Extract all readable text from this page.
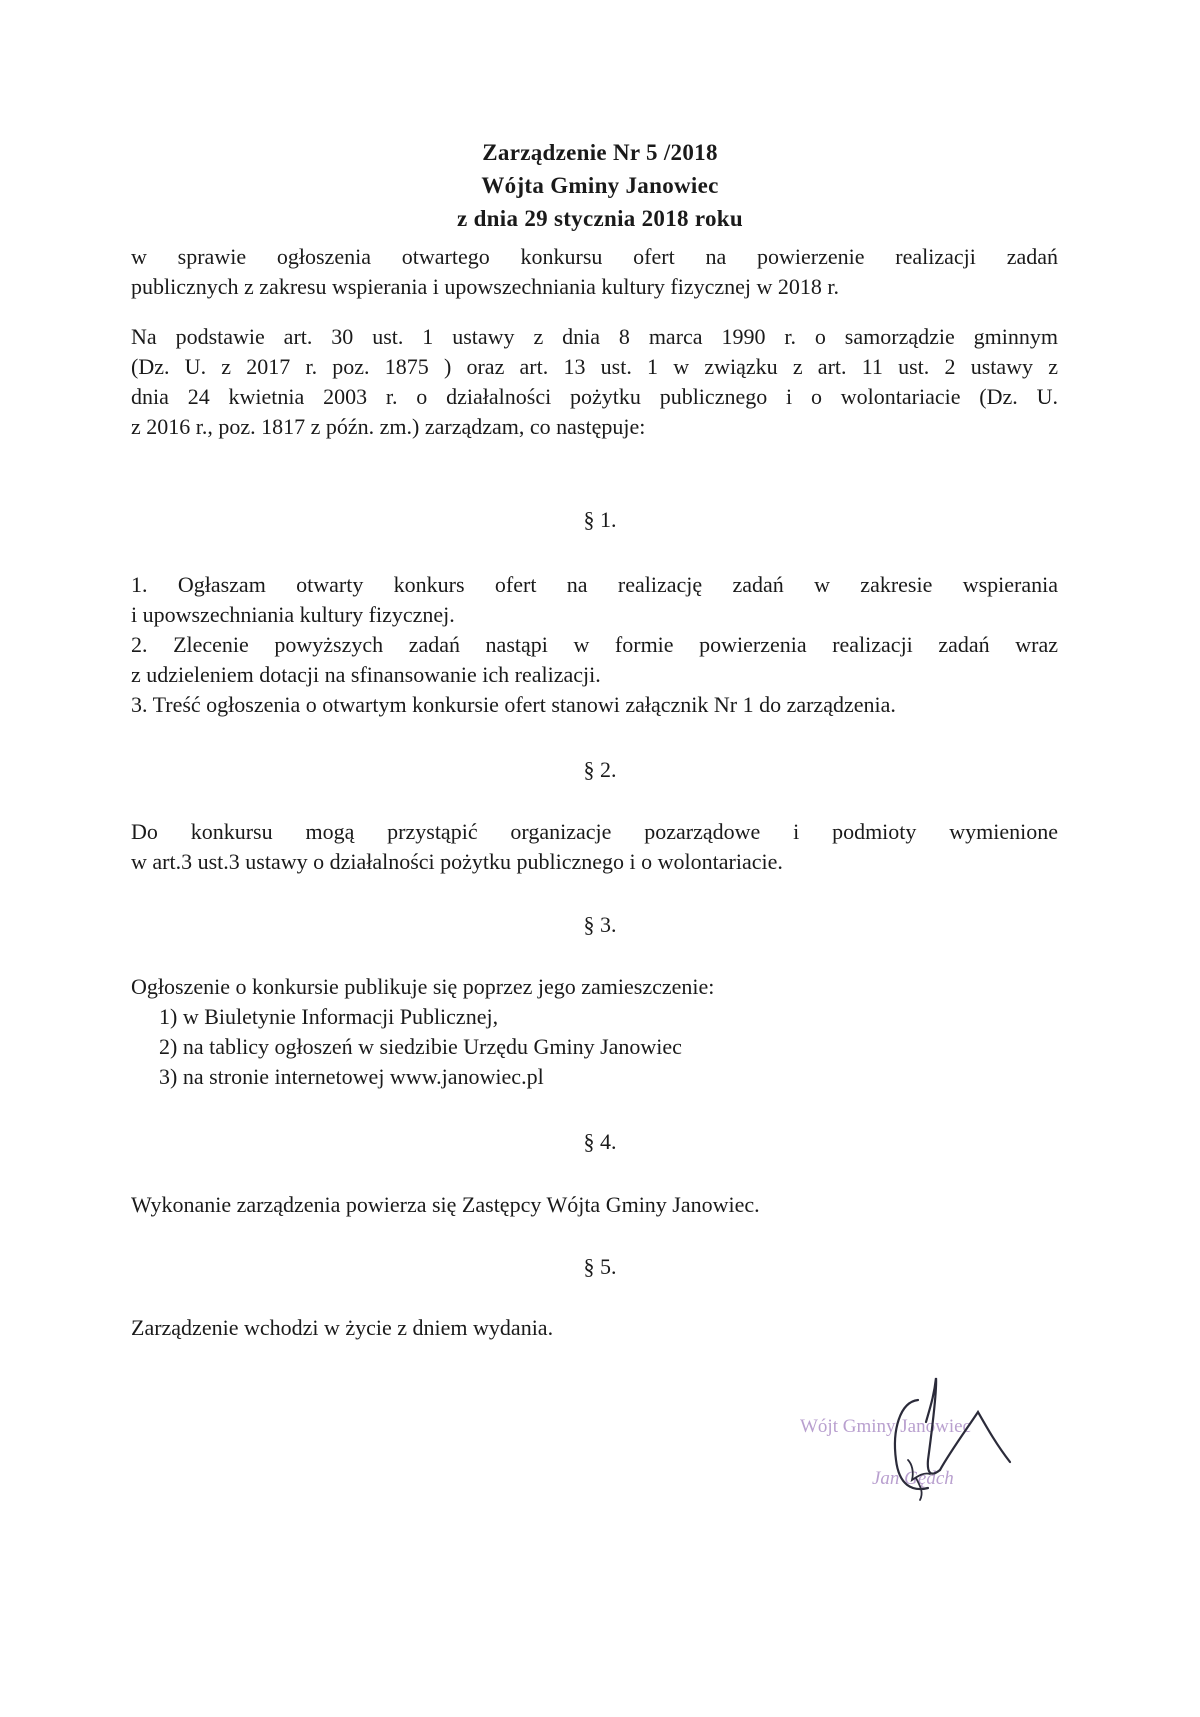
Zarządzenie Nr 5 /2018
Wójta Gminy Janowiec
z dnia 29 stycznia 2018 roku
w sprawie ogłoszenia otwartego konkursu ofert na powierzenie realizacji zadań
publicznych z zakresu wspierania i upowszechniania kultury fizycznej w 2018 r.
Na podstawie art. 30 ust. 1 ustawy z dnia 8 marca 1990 r. o samorządzie gminnym
(Dz. U. z 2017 r. poz. 1875 ) oraz art. 13 ust. 1 w związku z art. 11 ust. 2 ustawy z
dnia 24 kwietnia 2003 r. o działalności pożytku publicznego i o wolontariacie (Dz. U.
z 2016 r., poz. 1817 z późn. zm.) zarządzam, co następuje:
§ 1.
1. Ogłaszam otwarty konkurs ofert na realizację zadań w zakresie wspierania
i upowszechniania kultury fizycznej.
2. Zlecenie powyższych zadań nastąpi w formie powierzenia realizacji zadań wraz
z udzieleniem dotacji na sfinansowanie ich realizacji.
3. Treść ogłoszenia o otwartym konkursie ofert stanowi załącznik Nr 1 do zarządzenia.
§ 2.
Do konkursu mogą przystąpić organizacje pozarządowe i podmioty wymienione
w art.3 ust.3 ustawy o działalności pożytku publicznego i o wolontariacie.
§ 3.
Ogłoszenie o konkursie publikuje się poprzez jego zamieszczenie:
1) w Biuletynie Informacji Publicznej,
2) na tablicy ogłoszeń w siedzibie Urzędu Gminy Janowiec
3) na stronie internetowej www.janowiec.pl
§ 4.
Wykonanie zarządzenia powierza się Zastępcy Wójta Gminy Janowiec.
§ 5.
Zarządzenie wchodzi w życie z dniem wydania.
Wójt Gminy Janowiec
Jan Gędch
